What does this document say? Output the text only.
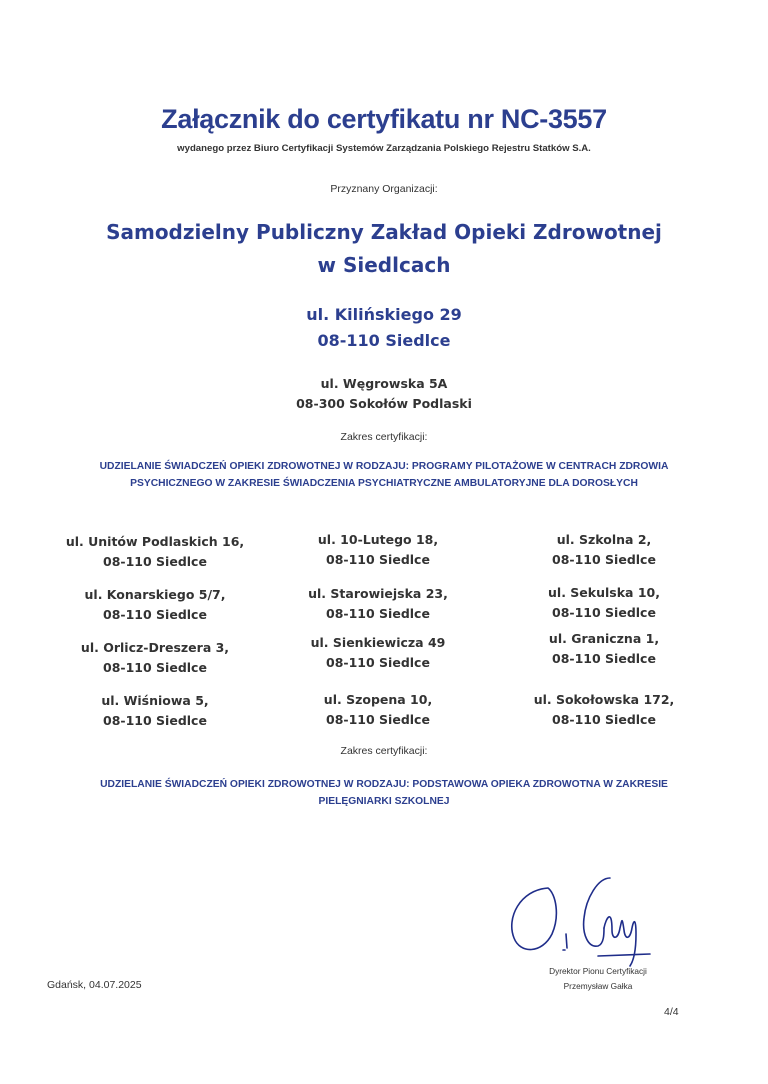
Załącznik do certyfikatu nr NC-3557
wydanego przez Biuro Certyfikacji Systemów Zarządzania Polskiego Rejestru Statków S.A.
Przyznany Organizacji:
Samodzielny Publiczny Zakład Opieki Zdrowotnej
w Siedlcach
ul. Kilińskiego 29
08-110 Siedlce
ul. Węgrowska 5A
08-300 Sokołów Podlaski
Zakres certyfikacji:
UDZIELANIE ŚWIADCZEŃ OPIEKI ZDROWOTNEJ W RODZAJU: PROGRAMY PILOTAŻOWE W CENTRACH ZDROWIA
PSYCHICZNEGO W ZAKRESIE ŚWIADCZENIA PSYCHIATRYCZNE AMBULATORYJNE DLA DOROSŁYCH
ul. Unitów Podlaskich 16,
08-110 Siedlce
ul. 10-Lutego 18,
08-110 Siedlce
ul. Szkolna 2,
08-110 Siedlce
ul. Konarskiego 5/7,
08-110 Siedlce
ul. Starowiejska 23,
08-110 Siedlce
ul. Sekulska 10,
08-110 Siedlce
ul. Orlicz-Dreszera 3,
08-110 Siedlce
ul. Sienkiewicza 49
08-110 Siedlce
ul. Graniczna 1,
08-110 Siedlce
ul. Wiśniowa 5,
08-110 Siedlce
ul. Szopena 10,
08-110 Siedlce
ul. Sokołowska 172,
08-110 Siedlce
Zakres certyfikacji:
UDZIELANIE ŚWIADCZEŃ OPIEKI ZDROWOTNEJ W RODZAJU: PODSTAWOWA OPIEKA ZDROWOTNA W ZAKRESIE
PIELĘGNIARKI SZKOLNEJ
Gdańsk, 04.07.2025
Dyrektor Pionu Certyfikacji
Przemysław Gałka
4/4
